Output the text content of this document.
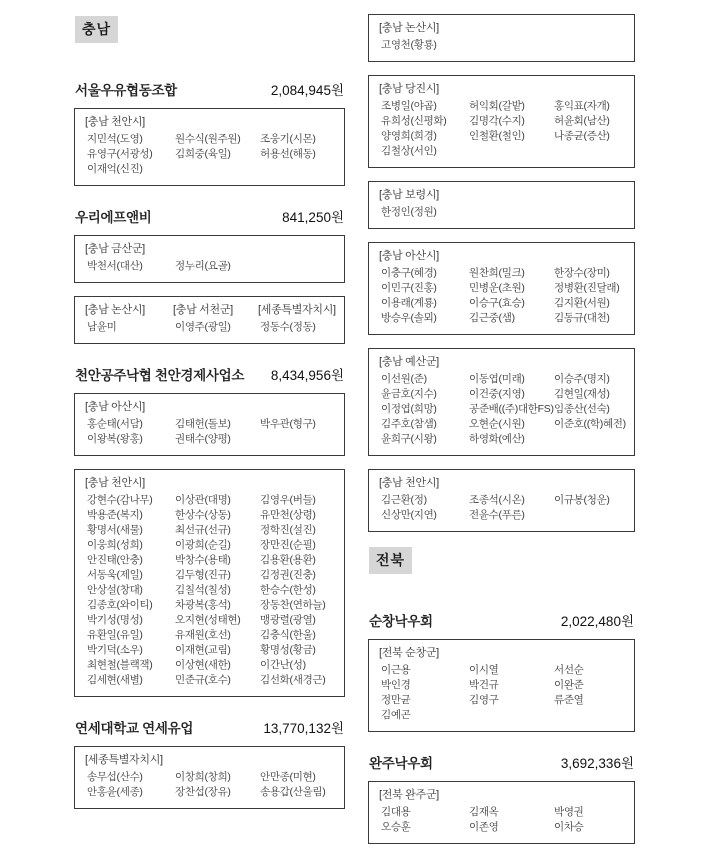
충남
서울우유협동조합	2,084,945원
[충남 천안시]
지민석(도영)	원수식(원주원)	조웅기(시몬)
유영구(서광성)	김희중(육일)	허용선(해동)
이재억(신진)
우리에프앤비	841,250원
[충남 금산군]
박천서(대산)	정누리(요골)
[충남 논산시]	[충남 서천군]	[세종특별자치시]
남윤미	이영주(광일)	정동수(정동)
천안공주낙협 천안경제사업소 8,434,956원
[충남 아산시]
홍순태(서담)	김태헌(돌보)	박우관(형구)
이왕복(왕홍)	권태수(양평)
[충남 천안시]
강현수(감나무)	이상관(대명)	김영우(버들)
박용준(복지)	한상수(상동)	유만천(상령)
황명서(새물)	최선규(선규)	정학진(설진)
이웅희(성희)	이광희(순길)	장만진(순필)
안진태(안충)	박창수(용태)	김용환(용환)
서동욱(제일)	김두형(진규)	김정권(진충)
안상설(창대)	김칠석(칠성)	한승수(한성)
김종호(와이티)	차광복(홍석)	장동찬(연하늘)
박기성(명성)	오지현(성태현)	맹광렬(광열)
유환일(유일)	유재원(호선)	김충식(한울)
박기덕(소우)	이재현(교림)	황명성(황금)
최현철(블랙잭)	이상현(새한)	이간난(성)
김세현(새별)	민준규(호수)	김선화(새경근)
연세대학교 연세유업	13,770,132원
[세종특별자치시]
송무섭(산수)	이창희(창희)	안만종(미현)
안홍윤(세종)	장찬섭(장유)	송용갑(산울림)
[충남 논산시]
고영천(황룡)
[충남 당진시]
조병일(야곱)	허익회(갈밭)	홍익표(자개)
유희성(신평화)	김명각(수지)	허윤회(남산)
양영희(희경)	인철환(철인)	나종균(증산)
김철상(서인)
[충남 보령시]
한정인(정원)
[충남 아산시]
이충구(혜경)	원찬희(밀크)	한장수(장미)
이민구(진홍)	민병운(초원)	정병환(진달래)
이용래(계룡)	이승구(효승)	김지환(서원)
방승우(솔뫼)	김근중(샘)	김동규(대천)
[충남 예산군]
이선원(준)	이동엽(미래)	이승주(명지)
윤금호(지수)	이건중(지영)	김현일(재성)
이정엽(희망)	공준배((주)대한FS) 임종산(선숙)
김주호(참샘)	오현순(시원)	이준호((학)혜전)
윤희구(시왕)	하영화(예산)
[충남 천안시]
김근환(정)	조종석(시온)	이규봉(청운)
신상만(지연)	전윤수(푸른)
전북
순창낙우회	2,022,480원
[전북 순창군]
이근용	이시열	서선순
박인경	박건규	이완준
정만균	김영구	류준열
김예곤
완주낙우회	3,692,336원
[전북 완주군]
김대용	김재옥	박영권
오승훈	이존영	이차승
